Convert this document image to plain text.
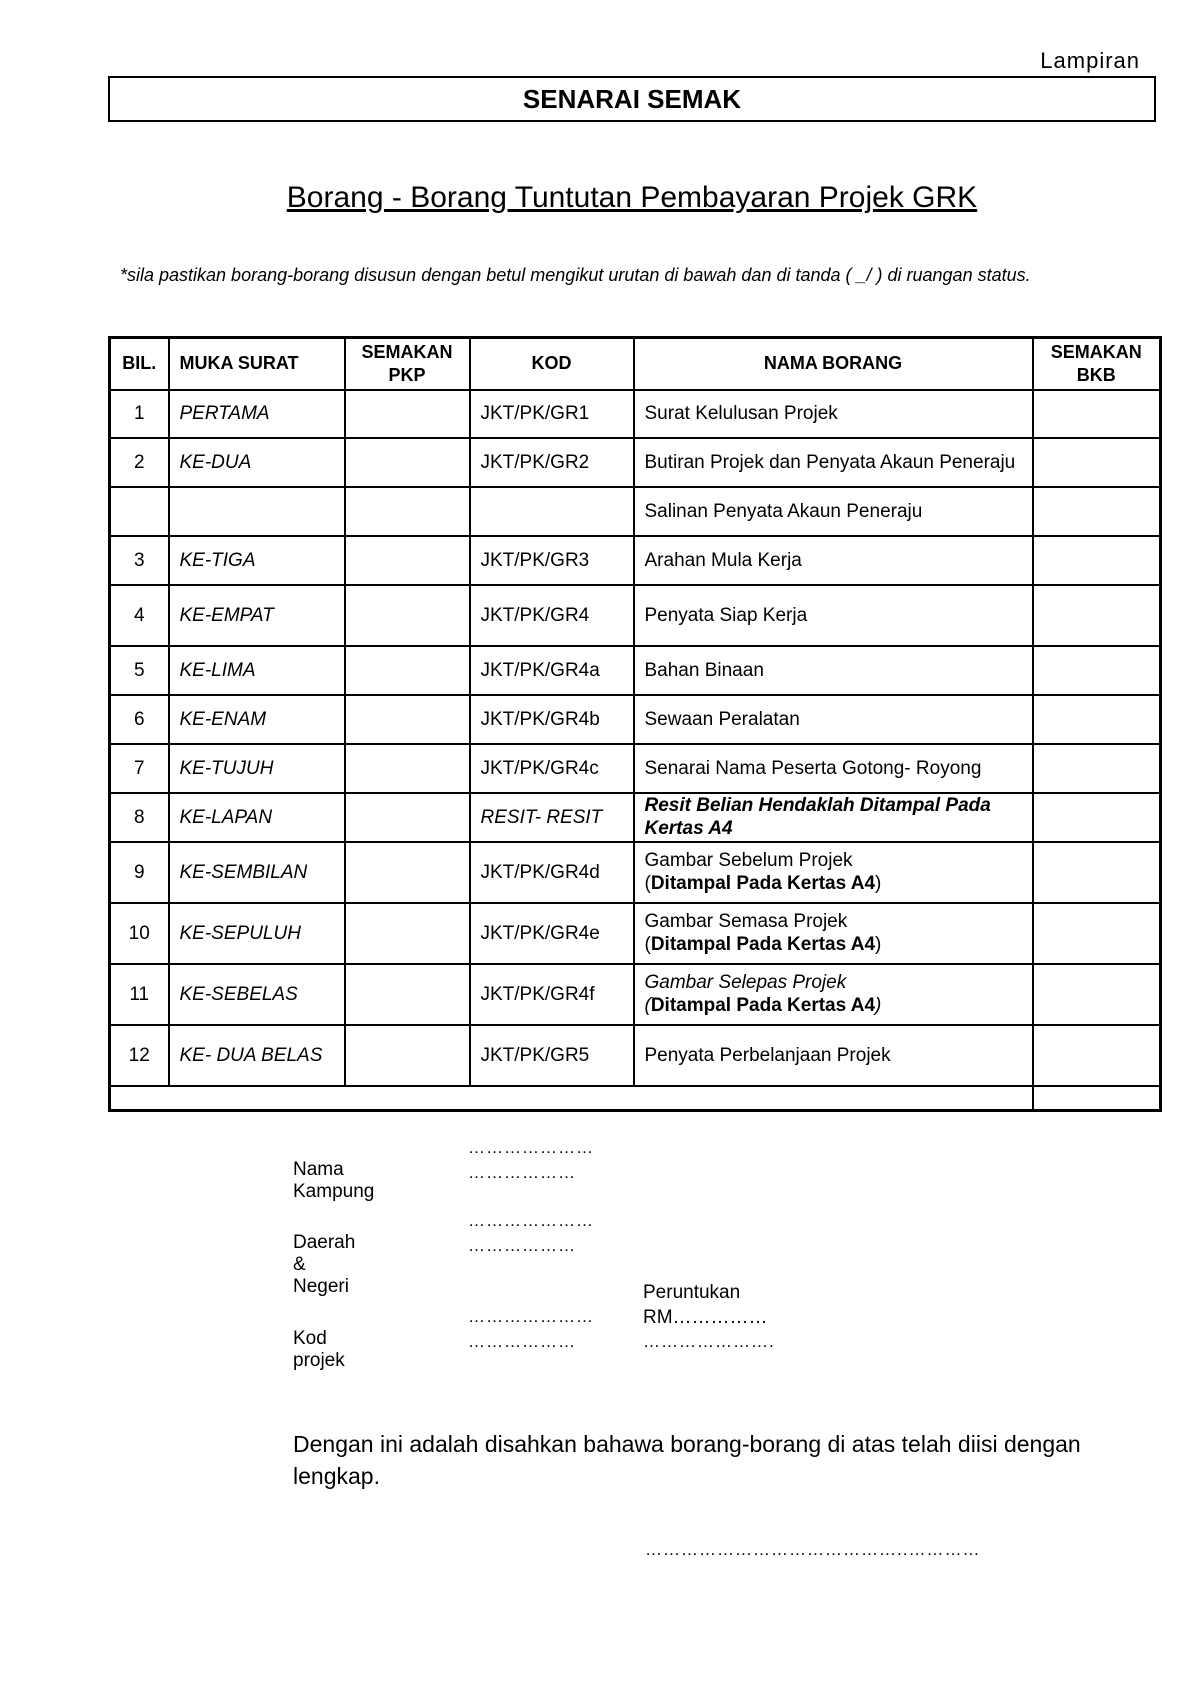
Lampiran
SENARAI SEMAK
Borang - Borang Tuntutan Pembayaran Projek GRK
*sila pastikan borang-borang disusun dengan betul mengikut urutan di bawah dan di tanda ( _/ ) di ruangan status.
BIL.	MUKA SURAT	SEMAKAN PKP	KOD	NAMA BORANG	SEMAKAN BKB
1	PERTAMA		JKT/PK/GR1	Surat Kelulusan Projek	
2	KE-DUA		JKT/PK/GR2	Butiran Projek dan Penyata Akaun Peneraju	
				Salinan Penyata Akaun Peneraju	
3	KE-TIGA		JKT/PK/GR3	Arahan Mula Kerja	
4	KE-EMPAT		JKT/PK/GR4	Penyata Siap Kerja	
5	KE-LIMA		JKT/PK/GR4a	Bahan Binaan	
6	KE-ENAM		JKT/PK/GR4b	Sewaan Peralatan	
7	KE-TUJUH		JKT/PK/GR4c	Senarai Nama Peserta Gotong- Royong	
8	KE-LAPAN		RESIT- RESIT	Resit Belian Hendaklah Ditampal Pada Kertas A4	
9	KE-SEMBILAN		JKT/PK/GR4d	Gambar Sebelum Projek
(Ditampal Pada Kertas A4)	
10	KE-SEPULUH		JKT/PK/GR4e	Gambar Semasa Projek
(Ditampal Pada Kertas A4)	
11	KE-SEBELAS		JKT/PK/GR4f	Gambar Selepas Projek
(Ditampal Pada Kertas A4)	
12	KE- DUA BELAS		JKT/PK/GR5	Penyata Perbelanjaan Projek	

Nama Kampung
…………………
………………
Daerah & Negeri
…………………
………………
Kod projek
…………………
………………
Peruntukan
RM……………
………………….
Dengan ini adalah disahkan bahawa borang-borang di atas telah diisi dengan lengkap.
……………………………………..…………
